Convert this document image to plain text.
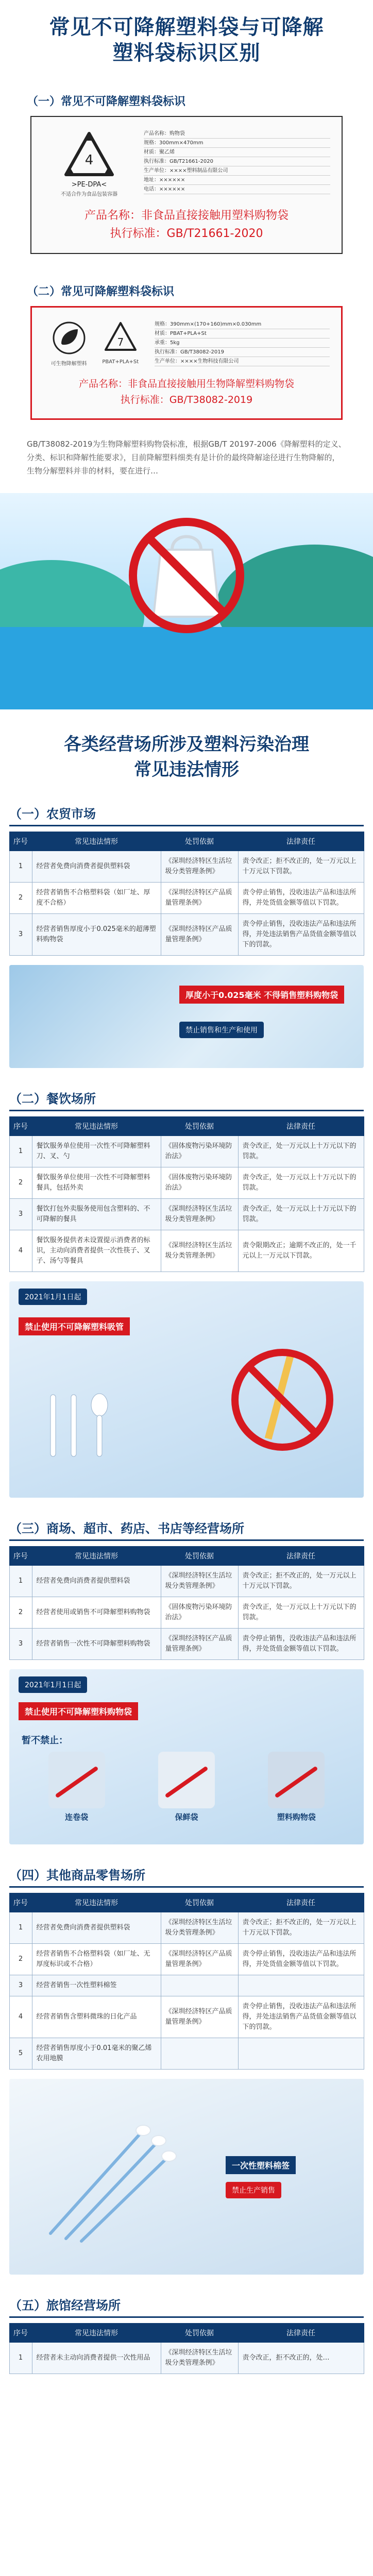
常见不可降解塑料袋与可降解
塑料袋标识区别
（一）常见不可降解塑料袋标识
4
>PE-DPA<
不适合作为食品包装容器
产品名称：购物袋
规格：300mm×470mm
材质：聚乙烯
执行标准：GB/T21661-2020
生产单位：××××塑料制品有限公司
地址：××××××
电话：××××××
产品名称：非食品直接接触用塑料购物袋
执行标准：GB/T21661-2020
（二）常见可降解塑料袋标识
可生物降解塑料
7
PBAT+PLA+St
规格：390mm×(170+160)mm×0.030mm
材质：PBAT+PLA+St
承重：5kg
执行标准：GB/T38082-2019
生产单位：××××生物科技有限公司
产品名称：非食品直接接触用生物降解塑料购物袋
执行标准：GB/T38082-2019
GB/T38082-2019为生物降解塑料购物袋标准，根据GB/T 20197-2006《降解塑料的定义、分类、标识和降解性能要求》，目前降解塑料细类有是计价的最终降解途径进行生物降解的，生物分解塑料并非的材料，要在进行…
各类经营场所涉及塑料污染治理
常见违法情形
（一）农贸市场
序号	常见违法情形	处罚依据	法律责任
1	经营者免费向消费者提供塑料袋	《深圳经济特区生活垃圾分类管理条例》	责令改正；拒不改正的，处一万元以上十万元以下罚款。
2	经营者销售不合格塑料袋（如厂址、厚度不合格）	《深圳经济特区产品质量管理条例》	责令停止销售，没收违法产品和违法所得，并处货值金额等值以下罚款。
3	经营者销售厚度小于0.025毫米的超薄塑料购物袋	《深圳经济特区产品质量管理条例》	责令停止销售，没收违法产品和违法所得，并处违法销售产品货值金额等值以下的罚款。
厚度小于0.025毫米 不得销售塑料购物袋
禁止销售和生产和使用
（二）餐饮场所
序号	常见违法情形	处罚依据	法律责任
1	餐饮服务单位使用一次性不可降解塑料刀、叉、勺	《固体废物污染环境防治法》	责令改正，处一万元以上十万元以下的罚款。
2	餐饮服务单位使用一次性不可降解塑料餐具，包括外卖	《固体废物污染环境防治法》	责令改正，处一万元以上十万元以下的罚款。
3	餐饮打包外卖服务使用包含塑料的、不可降解的餐具	《深圳经济特区生活垃圾分类管理条例》	责令改正，处一万元以上十万元以下的罚款。
4	餐饮服务提供者未设置提示消费者的标识，主动向消费者提供一次性筷子、叉子、汤勺等餐具	《深圳经济特区生活垃圾分类管理条例》	责令限期改正；逾期不改正的，处一千元以上一万元以下罚款。
2021年1月1日起
禁止使用不可降解塑料吸管
（三）商场、超市、药店、书店等经营场所
序号	常见违法情形	处罚依据	法律责任
1	经营者免费向消费者提供塑料袋	《深圳经济特区生活垃圾分类管理条例》	责令改正；拒不改正的，处一万元以上十万元以下罚款。
2	经营者使用或销售不可降解塑料购物袋	《固体废物污染环境防治法》	责令改正，处一万元以上十万元以下的罚款。
3	经营者销售一次性不可降解塑料购物袋	《深圳经济特区产品质量管理条例》	责令停止销售，没收违法产品和违法所得，并处货值金额等值以下罚款。
2021年1月1日起
禁止使用不可降解塑料购物袋
暂不禁止：
连卷袋	保鲜袋	塑料购物袋
（四）其他商品零售场所
序号	常见违法情形	处罚依据	法律责任
1	经营者免费向消费者提供塑料袋	《深圳经济特区生活垃圾分类管理条例》	责令改正；拒不改正的，处一万元以上十万元以下罚款。
2	经营者销售不合格塑料袋（如厂址、无厚度标识或不合格）	《深圳经济特区产品质量管理条例》	责令停止销售，没收违法产品和违法所得，并处货值金额等值以下罚款。
3	经营者销售一次性塑料棉签		
4	经营者销售含塑料微珠的日化产品	《深圳经济特区产品质量管理条例》	责令停止销售，没收违法产品和违法所得，并处违法销售产品货值金额等值以下的罚款。
5	经营者销售厚度小于0.01毫米的聚乙烯农用地膜		
一次性塑料棉签
禁止生产销售
（五）旅馆经营场所
序号	常见违法情形	处罚依据	法律责任
1	经营者未主动向消费者提供一次性用品	《深圳经济特区生活垃圾分类管理条例》	责令改正，拒不改正的，处…
